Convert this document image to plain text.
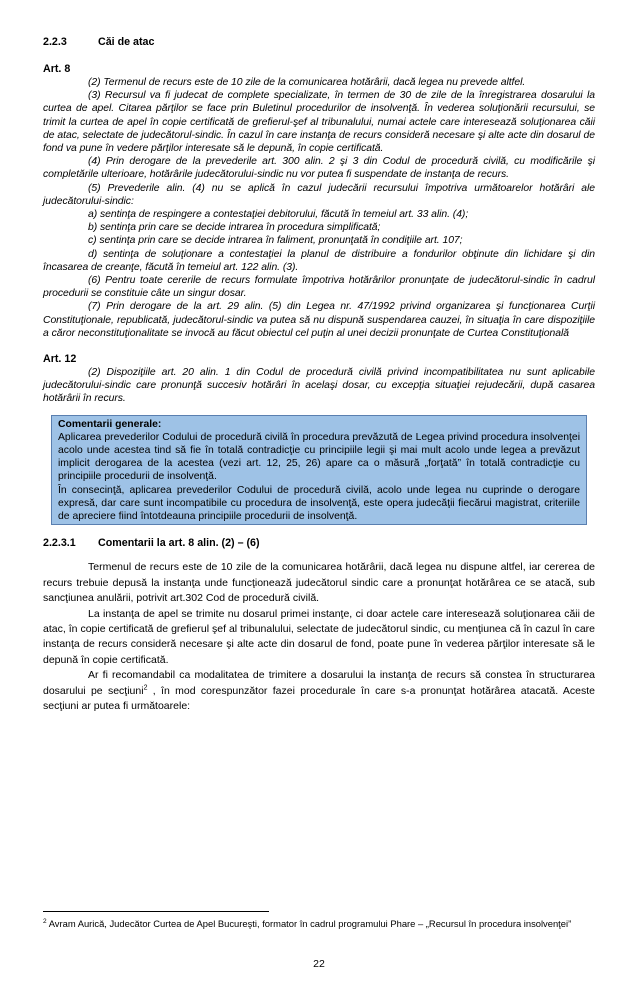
2.2.3	Căi de atac

Art. 8

(2) Termenul de recurs este de 10 zile de la comunicarea hotărârii, dacă legea nu prevede altfel.

(3) Recursul va fi judecat de complete specializate, în termen de 30 de zile de la înregistrarea dosarului la curtea de apel. Citarea părţilor se face prin Buletinul procedurilor de insolvenţă. În vederea soluţionării recursului, se trimit la curtea de apel în copie certificată de grefierul-şef al tribunalului, numai actele care interesează soluţionarea căii de atac, selectate de judecătorul-sindic. În cazul în care instanţa de recurs consideră necesare şi alte acte din dosarul de fond va pune în vedere părţilor interesate să le depună, în copie certificată.

(4) Prin derogare de la prevederile art. 300 alin. 2 şi 3 din Codul de procedură civilă, cu modificările şi completările ulterioare, hotărârile judecătorului-sindic nu vor putea fi suspendate de instanţa de recurs.

(5) Prevederile alin. (4) nu se aplică în cazul judecării recursului împotriva următoarelor hotărâri ale judecătorului-sindic:

a) sentinţa de respingere a contestaţiei debitorului, făcută în temeiul art. 33 alin. (4);

b) sentinţa prin care se decide intrarea în procedura simplificată;

c) sentinţa prin care se decide intrarea în faliment, pronunţată în condiţiile art. 107;

d) sentinţa de soluţionare a contestaţiei la planul de distribuire a fondurilor obţinute din lichidare şi din încasarea de creanţe, făcută în temeiul art. 122 alin. (3).

(6) Pentru toate cererile de recurs formulate împotriva hotărârilor pronunţate de judecătorul-sindic în cadrul procedurii se constituie câte un singur dosar.

(7) Prin derogare de la art. 29 alin. (5) din Legea nr. 47/1992 privind organizarea şi funcţionarea Curţii Constituţionale, republicată, judecătorul-sindic va putea să nu dispună suspendarea cauzei, în situaţia în care dispoziţiile a căror neconstituţionalitate se invocă au făcut obiectul cel puţin al unei decizii pronunţate de Curtea Constituţională

Art. 12

(2) Dispoziţiile art. 20 alin. 1 din Codul de procedură civilă privind incompatibilitatea nu sunt aplicabile judecătorului-sindic care pronunţă succesiv hotărâri în acelaşi dosar, cu excepţia situaţiei rejudecării, după casarea hotărârii în recurs.

Comentarii generale:

Aplicarea prevederilor Codului de procedură civilă în procedura prevăzută de Legea privind procedura insolvenţei acolo unde acestea tind să fie în totală contradicţie cu principiile legii şi mai mult acolo unde legea a prevăzut implicit derogarea de la acestea (vezi art. 12, 25, 26) apare ca o măsură „forţată” în totală contradicţie cu principiile procedurii de insolvenţă.

În consecinţă, aplicarea prevederilor Codului de procedură civilă, acolo unde legea nu cuprinde o derogare expresă, dar care sunt incompatibile cu procedura de insolvenţă, este opera judecăţii fiecărui magistrat, criteriile de apreciere fiind întotdeauna principiile procedurii de insolvenţă.

2.2.3.1	Comentarii la art. 8 alin. (2) – (6)

Termenul de recurs este de 10 zile de la comunicarea hotărârii, dacă legea nu dispune altfel, iar cererea de recurs trebuie depusă la instanţa unde funcţionează judecătorul sindic care a pronunţat hotărârea ce se atacă, sub sancţiunea anulării, potrivit art.302 Cod de procedură civilă.

La instanţa de apel se trimite nu dosarul primei instanţe, ci doar actele care interesează soluţionarea căii de atac, în copie certificată de grefierul şef al tribunalului, selectate de judecătorul sindic, cu menţiunea că în cazul în care instanţa de recurs consideră necesare şi alte acte din dosarul de fond, poate pune în vederea părţilor interesate să le depună în copie certificată.

Ar fi recomandabil ca modalitatea de trimitere a dosarului la instanţa de recurs să constea în structurarea dosarului pe secţiuni$^2$ , în mod corespunzător fazei procedurale în care s-a pronunţat hotărârea atacată. Aceste secţiuni ar putea fi următoarele:

$^2$ Avram Aurică, Judecător Curtea de Apel Bucureşti, formator în cadrul programului Phare – „Recursul în procedura insolvenţei”
22
